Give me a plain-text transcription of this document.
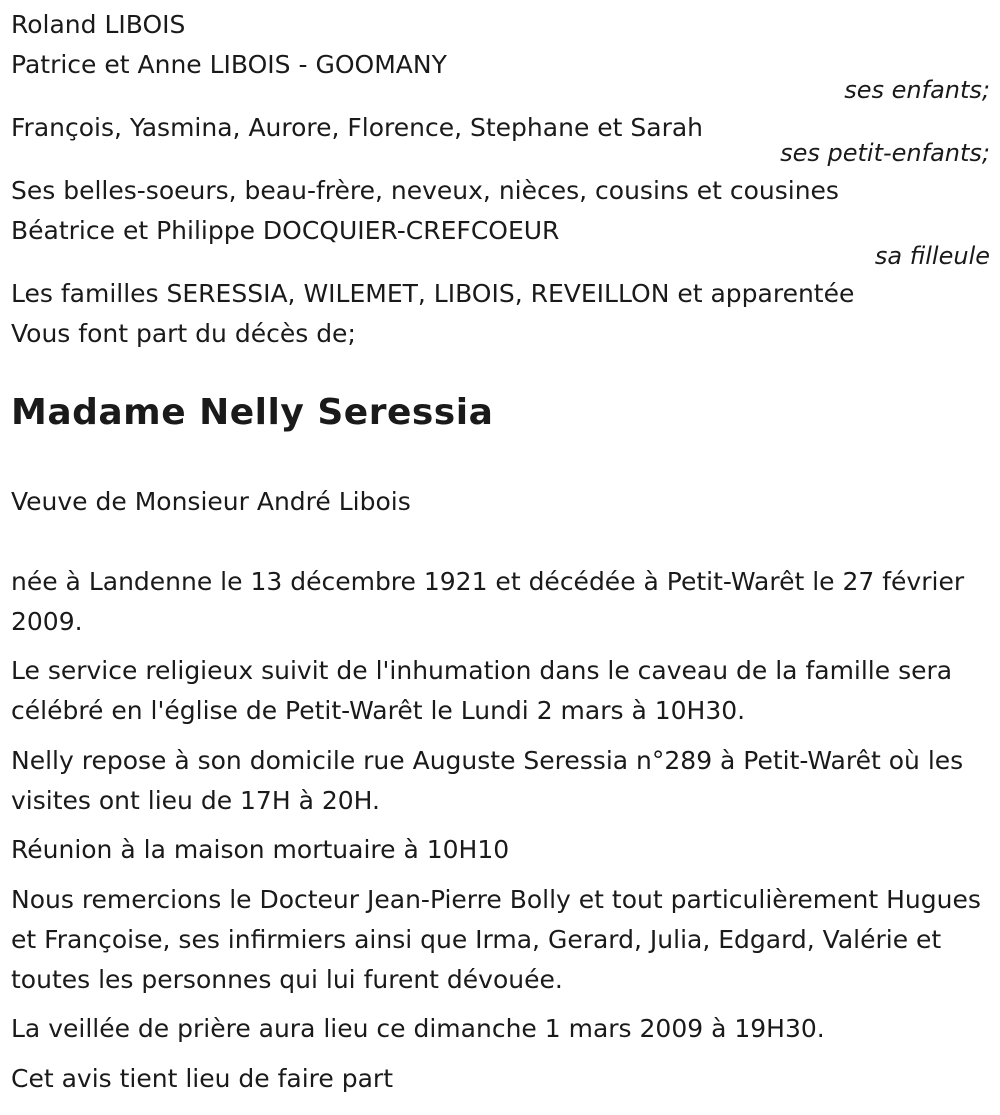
Roland LIBOIS
Patrice et Anne LIBOIS - GOOMANY
ses enfants;
François, Yasmina, Aurore, Florence, Stephane et Sarah
ses petit-enfants;
Ses belles-soeurs, beau-frère, neveux, nièces, cousins et cousines
Béatrice et Philippe DOCQUIER-CREFCOEUR
sa filleule
Les familles SERESSIA, WILEMET, LIBOIS, REVEILLON et apparentée
Vous font part du décès de;
Madame Nelly Seressia
Veuve de Monsieur André Libois
née à Landenne le 13 décembre 1921 et décédée à Petit-Warêt le 27 février 2009.
Le service religieux suivit de l'inhumation dans le caveau de la famille sera célébré en l'église de Petit-Warêt le Lundi 2 mars à 10H30.
Nelly repose à son domicile rue Auguste Seressia n°289 à Petit-Warêt où les visites ont lieu de 17H à 20H.
Réunion à la maison mortuaire à 10H10
Nous remercions le Docteur Jean-Pierre Bolly et tout particulièrement Hugues et Françoise, ses infirmiers ainsi que Irma, Gerard, Julia, Edgard, Valérie et toutes les personnes qui lui furent dévouée.
La veillée de prière aura lieu ce dimanche 1 mars 2009 à 19H30.
Cet avis tient lieu de faire part
